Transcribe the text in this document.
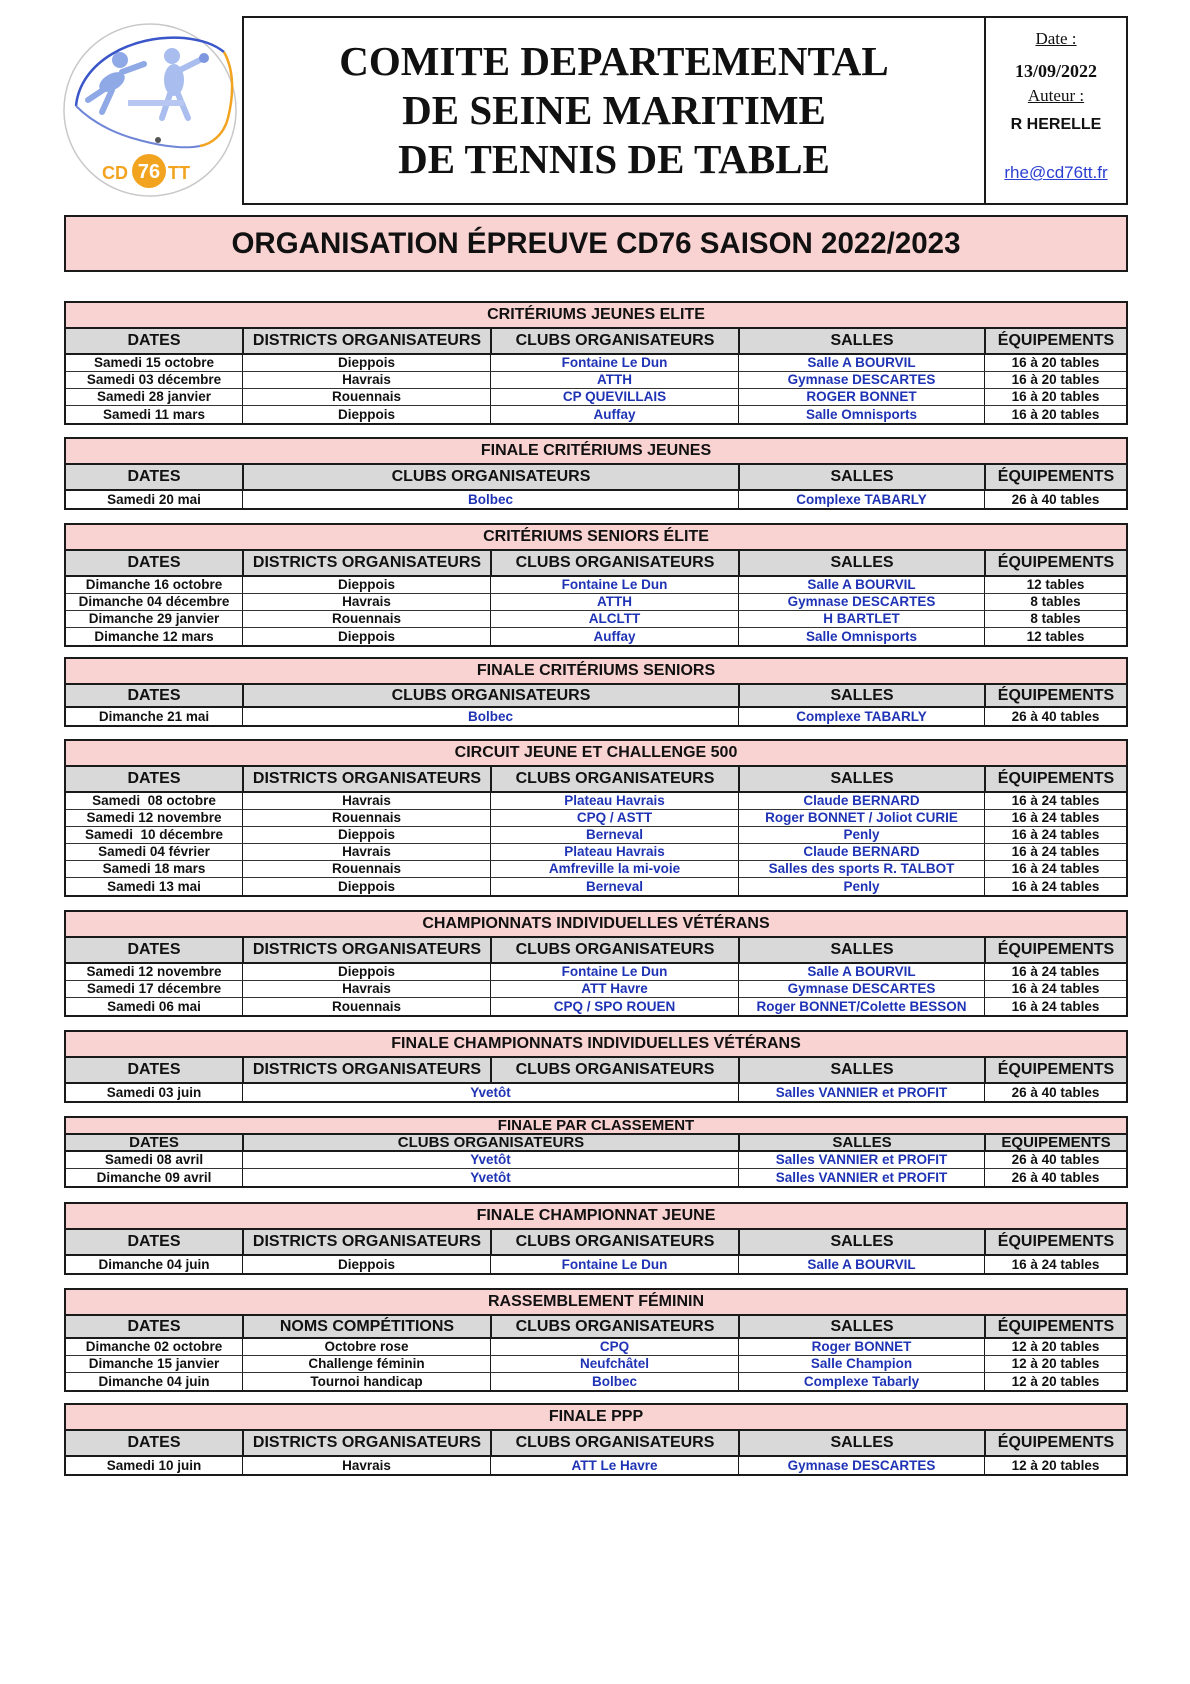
CD 76 TT
COMITE DEPARTEMENTAL
DE SEINE MARITIME
DE TENNIS DE TABLE
Date :
13/09/2022
Auteur :
R HERELLE
rhe@cd76tt.fr
ORGANISATION ÉPREUVE CD76 SAISON 2022/2023
CRITÉRIUMS JEUNES ELITE
DATES	DISTRICTS ORGANISATEURS	CLUBS ORGANISATEURS	SALLES	ÉQUIPEMENTS
Samedi 15 octobre	Dieppois	Fontaine Le Dun	Salle A BOURVIL	16 à 20 tables
Samedi 03 décembre	Havrais	ATTH	Gymnase DESCARTES	16 à 20 tables
Samedi 28 janvier	Rouennais	CP QUEVILLAIS	ROGER BONNET	16 à 20 tables
Samedi 11 mars	Dieppois	Auffay	Salle Omnisports	16 à 20 tables
FINALE CRITÉRIUMS JEUNES
DATES	CLUBS ORGANISATEURS	SALLES	ÉQUIPEMENTS
Samedi 20 mai	Bolbec	Complexe TABARLY	26 à 40 tables
CRITÉRIUMS SENIORS ÉLITE
DATES	DISTRICTS ORGANISATEURS	CLUBS ORGANISATEURS	SALLES	ÉQUIPEMENTS
Dimanche 16 octobre	Dieppois	Fontaine Le Dun	Salle A BOURVIL	12 tables
Dimanche 04 décembre	Havrais	ATTH	Gymnase DESCARTES	8 tables
Dimanche 29 janvier	Rouennais	ALCLTT	H BARTLET	8 tables
Dimanche 12 mars	Dieppois	Auffay	Salle Omnisports	12 tables
FINALE CRITÉRIUMS SENIORS
DATES	CLUBS ORGANISATEURS	SALLES	ÉQUIPEMENTS
Dimanche 21 mai	Bolbec	Complexe TABARLY	26 à 40 tables
CIRCUIT JEUNE ET CHALLENGE 500
DATES	DISTRICTS ORGANISATEURS	CLUBS ORGANISATEURS	SALLES	ÉQUIPEMENTS
Samedi  08 octobre	Havrais	Plateau Havrais	Claude BERNARD	16 à 24 tables
Samedi 12 novembre	Rouennais	CPQ / ASTT	Roger BONNET / Joliot CURIE	16 à 24 tables
Samedi  10 décembre	Dieppois	Berneval	Penly	16 à 24 tables
Samedi 04 février	Havrais	Plateau Havrais	Claude BERNARD	16 à 24 tables
Samedi 18 mars	Rouennais	Amfreville la mi-voie	Salles des sports R. TALBOT	16 à 24 tables
Samedi 13 mai	Dieppois	Berneval	Penly	16 à 24 tables
CHAMPIONNATS INDIVIDUELLES VÉTÉRANS
DATES	DISTRICTS ORGANISATEURS	CLUBS ORGANISATEURS	SALLES	ÉQUIPEMENTS
Samedi 12 novembre	Dieppois	Fontaine Le Dun	Salle A BOURVIL	16 à 24 tables
Samedi 17 décembre	Havrais	ATT Havre	Gymnase DESCARTES	16 à 24 tables
Samedi 06 mai	Rouennais	CPQ / SPO ROUEN	Roger BONNET/Colette BESSON	16 à 24 tables
FINALE CHAMPIONNATS INDIVIDUELLES VÉTÉRANS
DATES	DISTRICTS ORGANISATEURS	CLUBS ORGANISATEURS	SALLES	ÉQUIPEMENTS
Samedi 03 juin	Yvetôt	Salles VANNIER et PROFIT	26 à 40 tables
FINALE PAR CLASSEMENT
DATES	CLUBS ORGANISATEURS	SALLES	EQUIPEMENTS
Samedi 08 avril	Yvetôt	Salles VANNIER et PROFIT	26 à 40 tables
Dimanche 09 avril	Yvetôt	Salles VANNIER et PROFIT	26 à 40 tables
FINALE CHAMPIONNAT JEUNE
DATES	DISTRICTS ORGANISATEURS	CLUBS ORGANISATEURS	SALLES	ÉQUIPEMENTS
Dimanche 04 juin	Dieppois	Fontaine Le Dun	Salle A BOURVIL	16 à 24 tables
RASSEMBLEMENT FÉMININ
DATES	NOMS COMPÉTITIONS	CLUBS ORGANISATEURS	SALLES	ÉQUIPEMENTS
Dimanche 02 octobre	Octobre rose	CPQ	Roger BONNET	12 à 20 tables
Dimanche 15 janvier	Challenge féminin	Neufchâtel	Salle Champion	12 à 20 tables
Dimanche 04 juin	Tournoi handicap	Bolbec	Complexe Tabarly	12 à 20 tables
FINALE PPP
DATES	DISTRICTS ORGANISATEURS	CLUBS ORGANISATEURS	SALLES	ÉQUIPEMENTS
Samedi 10 juin	Havrais	ATT Le Havre	Gymnase DESCARTES	12 à 20 tables
